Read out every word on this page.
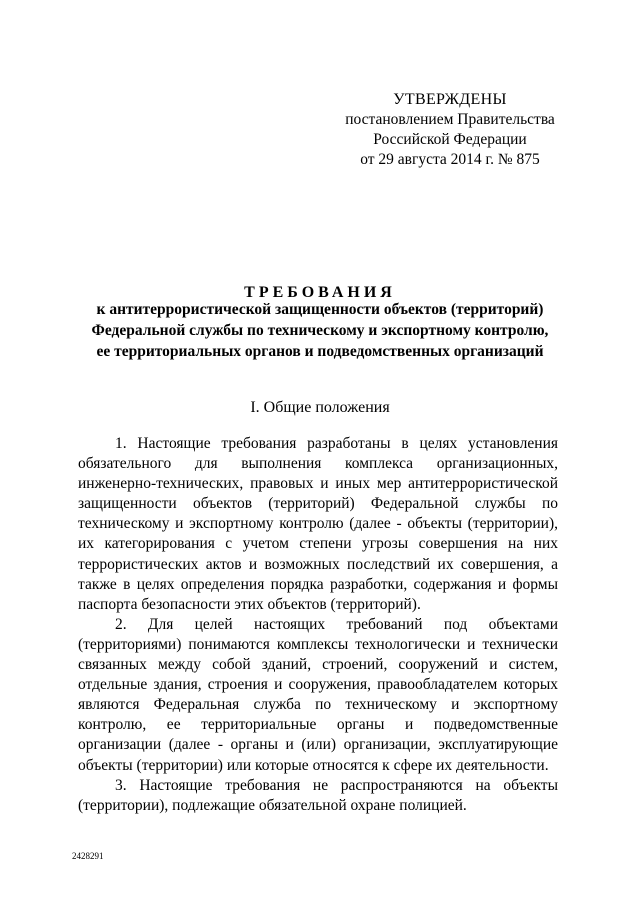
УТВЕРЖДЕНЫ
постановлением Правительства
Российской Федерации
от 29 августа 2014 г. № 875
ТРЕБОВАНИЯ
к антитеррористической защищенности объектов (территорий)
Федеральной службы по техническому и экспортному контролю,
ее территориальных органов и подведомственных организаций
I. Общие положения

1. Настоящие требования разработаны в целях установления обязательного для выполнения комплекса организационных, инженерно-технических, правовых и иных мер антитеррористической защищенности объектов (территорий) Федеральной службы по техническому и экспортному контролю (далее - объекты (территории), их категорирования с учетом степени угрозы совершения на них террористических актов и возможных последствий их совершения, а также в целях определения порядка разработки, содержания и формы паспорта безопасности этих объектов (территорий).

2. Для целей настоящих требований под объектами (территориями) понимаются комплексы технологически и технически связанных между собой зданий, строений, сооружений и систем, отдельные здания, строения и сооружения, правообладателем которых являются Федеральная служба по техническому и экспортному контролю, ее территориальные органы и подведомственные организации (далее - органы и (или) организации, эксплуатирующие объекты (территории) или которые относятся к сфере их деятельности.

3. Настоящие требования не распространяются на объекты (территории), подлежащие обязательной охране полицией.

2428291
